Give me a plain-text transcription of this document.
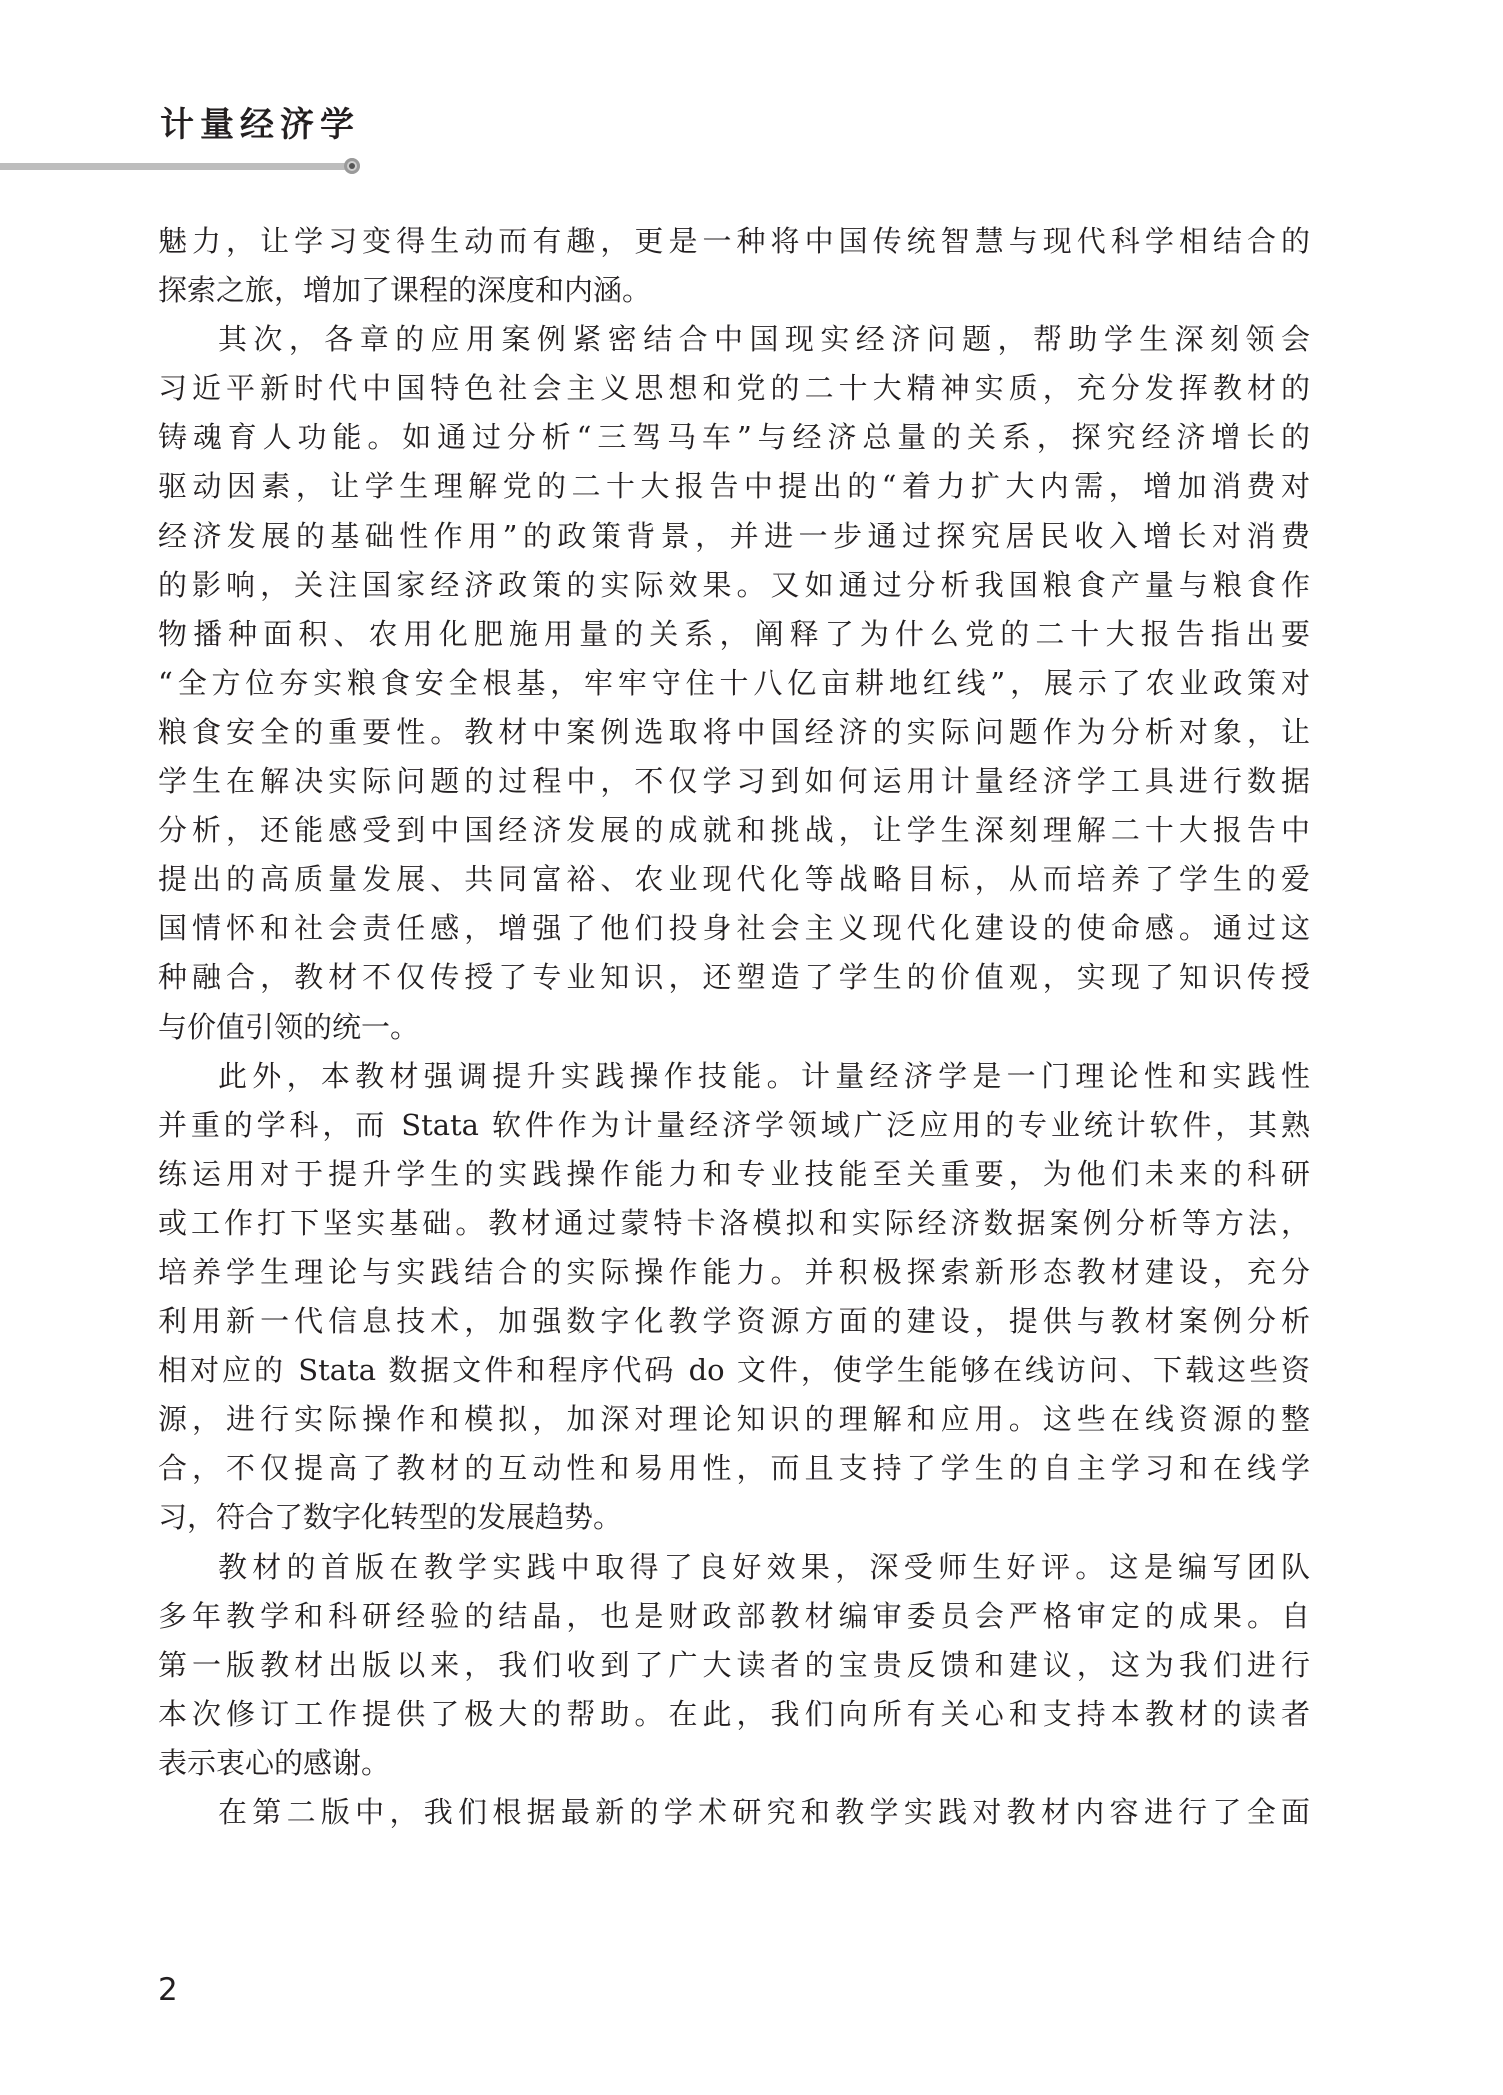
计量经济学
魅力，让学习变得生动而有趣，更是一种将中国传统智慧与现代科学相结合的
探索之旅，增加了课程的深度和内涵。
其次，各章的应用案例紧密结合中国现实经济问题，帮助学生深刻领会
习近平新时代中国特色社会主义思想和党的二十大精神实质，充分发挥教材的
铸魂育人功能。如通过分析“三驾马车”与经济总量的关系，探究经济增长的
驱动因素，让学生理解党的二十大报告中提出的“着力扩大内需，增加消费对
经济发展的基础性作用”的政策背景，并进一步通过探究居民收入增长对消费
的影响，关注国家经济政策的实际效果。又如通过分析我国粮食产量与粮食作
物播种面积、农用化肥施用量的关系，阐释了为什么党的二十大报告指出要
“全方位夯实粮食安全根基，牢牢守住十八亿亩耕地红线”，展示了农业政策对
粮食安全的重要性。教材中案例选取将中国经济的实际问题作为分析对象，让
学生在解决实际问题的过程中，不仅学习到如何运用计量经济学工具进行数据
分析，还能感受到中国经济发展的成就和挑战，让学生深刻理解二十大报告中
提出的高质量发展、共同富裕、农业现代化等战略目标，从而培养了学生的爱
国情怀和社会责任感，增强了他们投身社会主义现代化建设的使命感。通过这
种融合，教材不仅传授了专业知识，还塑造了学生的价值观，实现了知识传授
与价值引领的统一。
此外，本教材强调提升实践操作技能。计量经济学是一门理论性和实践性
并重的学科，而 Stata 软件作为计量经济学领域广泛应用的专业统计软件，其熟
练运用对于提升学生的实践操作能力和专业技能至关重要，为他们未来的科研
或工作打下坚实基础。教材通过蒙特卡洛模拟和实际经济数据案例分析等方法，
培养学生理论与实践结合的实际操作能力。并积极探索新形态教材建设，充分
利用新一代信息技术，加强数字化教学资源方面的建设，提供与教材案例分析
相对应的 Stata 数据文件和程序代码 do 文件，使学生能够在线访问、下载这些资
源，进行实际操作和模拟，加深对理论知识的理解和应用。这些在线资源的整
合，不仅提高了教材的互动性和易用性，而且支持了学生的自主学习和在线学
习，符合了数字化转型的发展趋势。
教材的首版在教学实践中取得了良好效果，深受师生好评。这是编写团队
多年教学和科研经验的结晶，也是财政部教材编审委员会严格审定的成果。自
第一版教材出版以来，我们收到了广大读者的宝贵反馈和建议，这为我们进行
本次修订工作提供了极大的帮助。在此，我们向所有关心和支持本教材的读者
表示衷心的感谢。
在第二版中，我们根据最新的学术研究和教学实践对教材内容进行了全面
2
